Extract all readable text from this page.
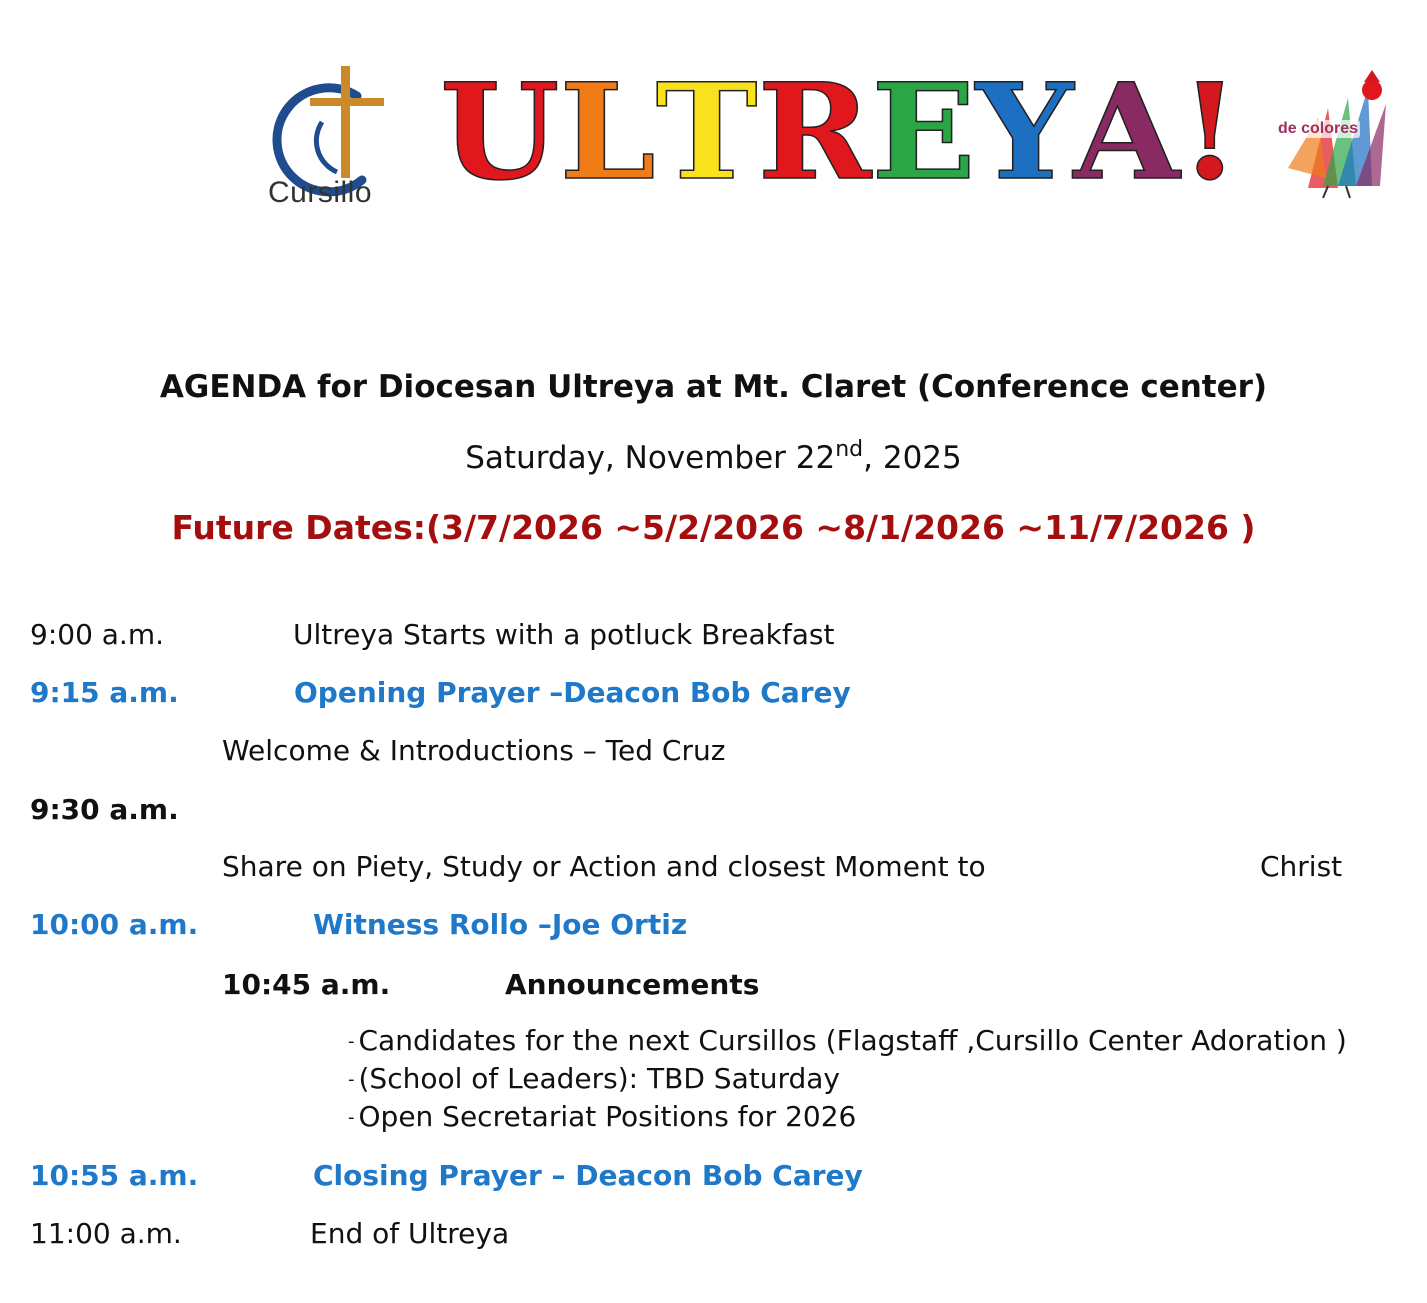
Cursillo ULTREYA! de colores
AGENDA for Diocesan Ultreya at Mt. Claret (Conference center)
Saturday, November 22nd, 2025
Future Dates:(3/7/2026 ~5/2/2026 ~8/1/2026 ~11/7/2026 )
9:00 a.m.	Ultreya Starts with a potluck Breakfast
9:15 a.m.	Opening Prayer –Deacon Bob Carey
Welcome & Introductions – Ted Cruz
9:30 a.m.
Share on Piety, Study or Action and closest Moment to	Christ
10:00 a.m.	Witness Rollo –Joe Ortiz
10:45 a.m.	Announcements
- Candidates for the next Cursillos (Flagstaff ,Cursillo Center Adoration )
- (School of Leaders): TBD Saturday
- Open Secretariat Positions for 2026
10:55 a.m.	Closing Prayer – Deacon Bob Carey
11:00 a.m.	End of Ultreya
